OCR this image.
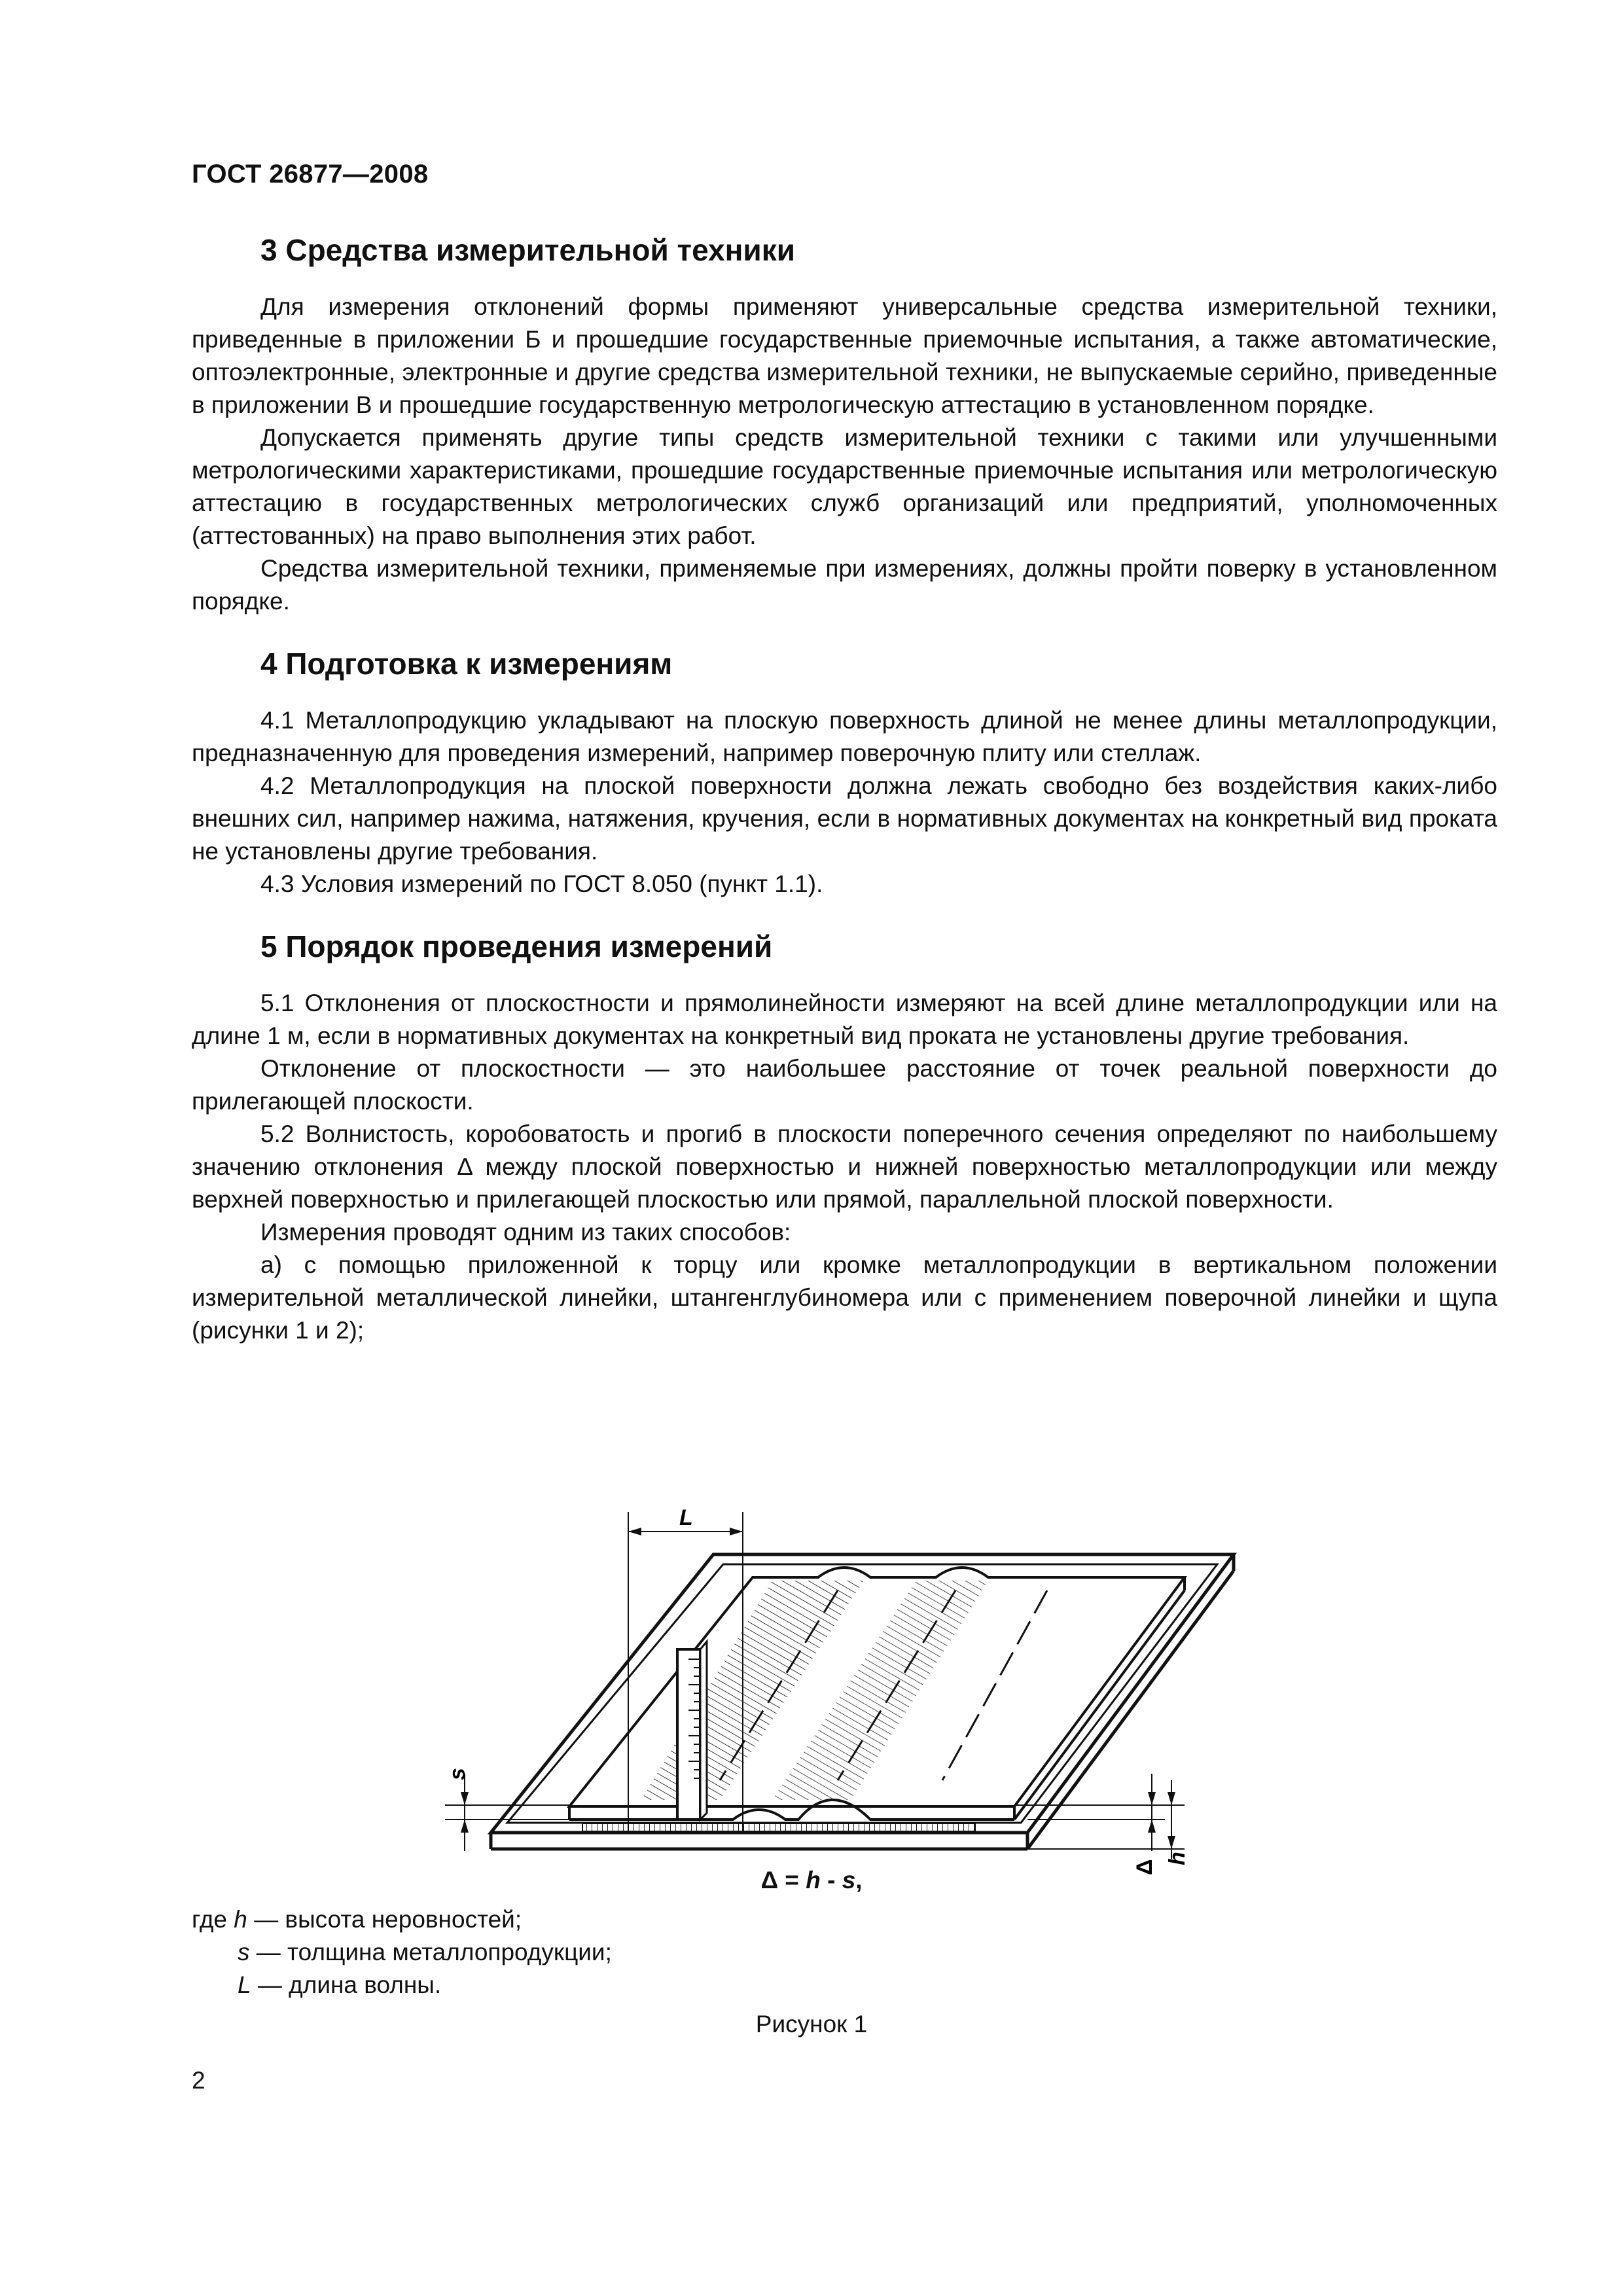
ГОСТ 26877—2008
3 Средства измерительной техники

Для измерения отклонений формы применяют универсальные средства измерительной техники, приведенные в приложении Б и прошедшие государственные приемочные испытания, а также автоматические, оптоэлектронные, электронные и другие средства измерительной техники, не выпускаемые серийно, приведенные в приложении В и прошедшие государственную метрологическую аттестацию в установленном порядке.

Допускается применять другие типы средств измерительной техники с такими или улучшенными метрологическими характеристиками, прошедшие государственные приемочные испытания или метрологическую аттестацию в государственных метрологических служб организаций или предприятий, уполномоченных (аттестованных) на право выполнения этих работ.

Средства измерительной техники, применяемые при измерениях, должны пройти поверку в установленном порядке.

4 Подготовка к измерениям

4.1 Металлопродукцию укладывают на плоскую поверхность длиной не менее длины металлопродукции, предназначенную для проведения измерений, например поверочную плиту или стеллаж.

4.2 Металлопродукция на плоской поверхности должна лежать свободно без воздействия каких-либо внешних сил, например нажима, натяжения, кручения, если в нормативных документах на конкретный вид проката не установлены другие требования.

4.3 Условия измерений по ГОСТ 8.050 (пункт 1.1).

5 Порядок проведения измерений

5.1 Отклонения от плоскостности и прямолинейности измеряют на всей длине металлопродукции или на длине 1 м, если в нормативных документах на конкретный вид проката не установлены другие требования.

Отклонение от плоскостности — это наибольшее расстояние от точек реальной поверхности до прилегающей плоскости.

5.2 Волнистость, коробоватость и прогиб в плоскости поперечного сечения определяют по наибольшему значению отклонения Δ между плоской поверхностью и нижней поверхностью металлопродукции или между верхней поверхностью и прилегающей плоскостью или прямой, параллельной плоской поверхности.

Измерения проводят одним из таких способов:

а) с помощью приложенной к торцу или кромке металлопродукции в вертикальном положении измерительной металлической линейки, штангенглубиномера или с применением поверочной линейки и щупа (рисунки 1 и 2);

L
s
Δ
h
Δ = h - s,
где h — высота неровностей;
s — толщина металлопродукции;
L — длина волны.
Рисунок 1
2
